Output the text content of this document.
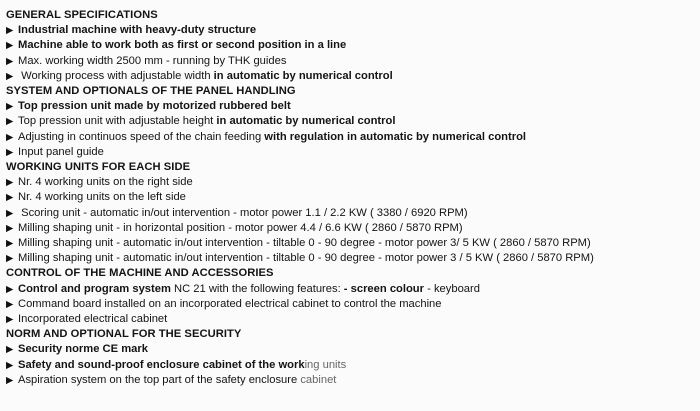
GENERAL SPECIFICATIONS
▶ Industrial machine with heavy-duty structure
▶ Machine able to work both as first or second position in a line
▶ Max. working width 2500 mm - running by THK guides
▶ Working process with adjustable width in automatic by numerical control
SYSTEM AND OPTIONALS OF THE PANEL HANDLING
▶ Top pression unit made by motorized rubbered belt
▶ Top pression unit with adjustable height in automatic by numerical control
▶ Adjusting in continuos speed of the chain feeding with regulation in automatic by numerical control
▶ Input panel guide
WORKING UNITS FOR EACH SIDE
▶ Nr. 4 working units on the right side
▶ Nr. 4 working units on the left side
▶ Scoring unit - automatic in/out intervention - motor power 1.1 / 2.2 KW ( 3380 / 6920 RPM)
▶ Milling shaping unit - in horizontal position - motor power 4.4 / 6.6 KW ( 2860 / 5870 RPM)
▶ Milling shaping unit - automatic in/out intervention - tiltable 0 - 90 degree - motor power 3/ 5 KW ( 2860 / 5870 RPM)
▶ Milling shaping unit - automatic in/out intervention - tiltable 0 - 90 degree - motor power 3 / 5 KW ( 2860 / 5870 RPM)
CONTROL OF THE MACHINE AND ACCESSORIES
▶ Control and program system NC 21 with the following features: - screen colour - keyboard
▶ Command board installed on an incorporated electrical cabinet to control the machine
▶ Incorporated electrical cabinet
NORM AND OPTIONAL FOR THE SECURITY
▶ Security norme CE mark
▶ Safety and sound-proof enclosure cabinet of the working units
▶ Aspiration system on the top part of the safety enclosure cabinet
